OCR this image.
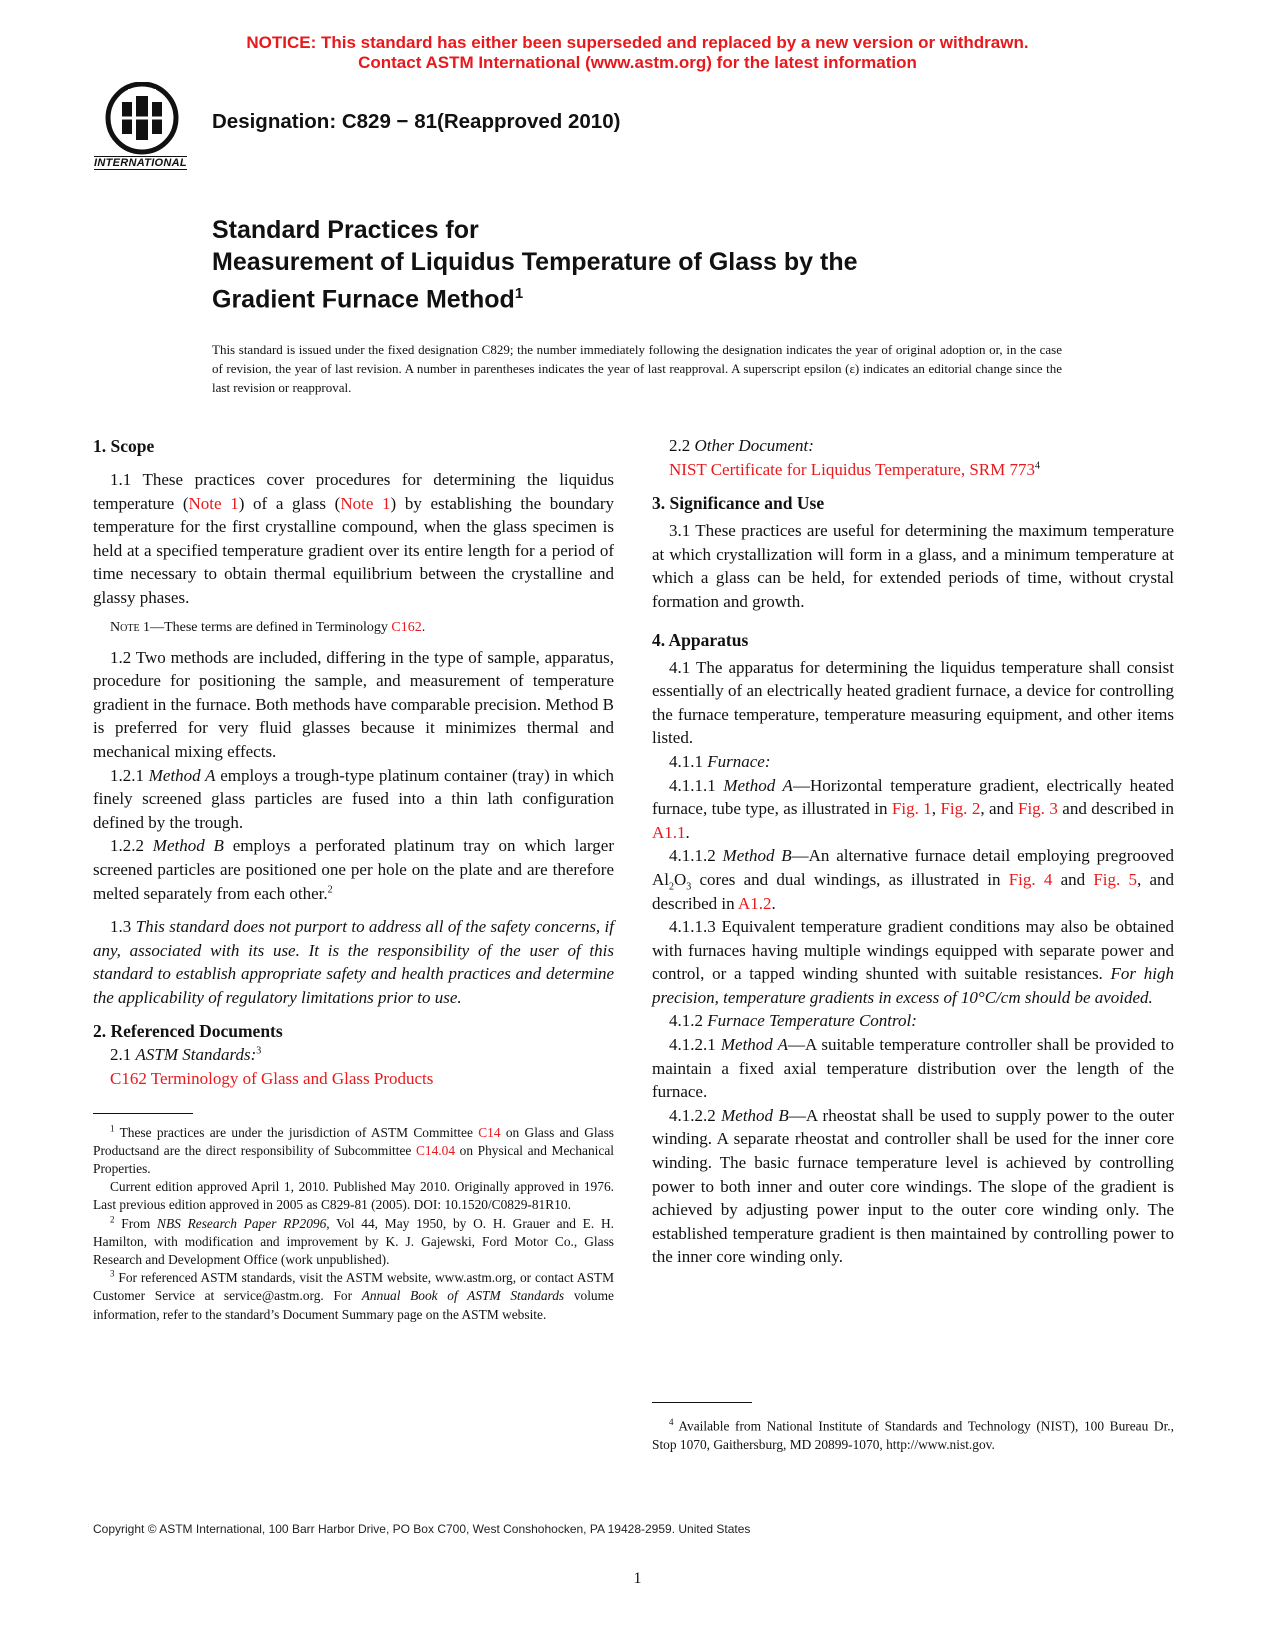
NOTICE: This standard has either been superseded and replaced by a new version or withdrawn.
Contact ASTM International (www.astm.org) for the latest information
INTERNATIONAL
Designation: C829 − 81(Reapproved 2010)
Standard Practices for
Measurement of Liquidus Temperature of Glass by the
Gradient Furnace Method$^1$
This standard is issued under the fixed designation C829; the number immediately following the designation indicates the year of original adoption or, in the case of revision, the year of last revision. A number in parentheses indicates the year of last reapproval. A superscript epsilon (ε) indicates an editorial change since the last revision or reapproval.
1. Scope

1.1 These practices cover procedures for determining the liquidus temperature (Note 1) of a glass (Note 1) by establishing the boundary temperature for the first crystalline compound, when the glass specimen is held at a specified temperature gradient over its entire length for a period of time necessary to obtain thermal equilibrium between the crystalline and glassy phases.

Note 1—These terms are defined in Terminology C162.

1.2 Two methods are included, differing in the type of sample, apparatus, procedure for positioning the sample, and measurement of temperature gradient in the furnace. Both methods have comparable precision. Method B is preferred for very fluid glasses because it minimizes thermal and mechanical mixing effects.

1.2.1 Method A employs a trough-type platinum container (tray) in which finely screened glass particles are fused into a thin lath configuration defined by the trough.

1.2.2 Method B employs a perforated platinum tray on which larger screened particles are positioned one per hole on the plate and are therefore melted separately from each other.$^2$

1.3 This standard does not purport to address all of the safety concerns, if any, associated with its use. It is the responsibility of the user of this standard to establish appropriate safety and health practices and determine the applicability of regulatory limitations prior to use.

2. Referenced Documents

2.1 ASTM Standards:$^3$

C162 Terminology of Glass and Glass Products

$^1$ These practices are under the jurisdiction of ASTM Committee C14 on Glass and Glass Productsand are the direct responsibility of Subcommittee C14.04 on Physical and Mechanical Properties.

Current edition approved April 1, 2010. Published May 2010. Originally approved in 1976. Last previous edition approved in 2005 as C829-81 (2005). DOI: 10.1520/C0829-81R10.

$^2$ From NBS Research Paper RP2096, Vol 44, May 1950, by O. H. Grauer and E. H. Hamilton, with modification and improvement by K. J. Gajewski, Ford Motor Co., Glass Research and Development Office (work unpublished).

$^3$ For referenced ASTM standards, visit the ASTM website, www.astm.org, or contact ASTM Customer Service at service@astm.org. For Annual Book of ASTM Standards volume information, refer to the standard’s Document Summary page on the ASTM website.

2.2 Other Document:

NIST Certificate for Liquidus Temperature, SRM $773^4$

3. Significance and Use

3.1 These practices are useful for determining the maximum temperature at which crystallization will form in a glass, and a minimum temperature at which a glass can be held, for extended periods of time, without crystal formation and growth.

4. Apparatus

4.1 The apparatus for determining the liquidus temperature shall consist essentially of an electrically heated gradient furnace, a device for controlling the furnace temperature, temperature measuring equipment, and other items listed.

4.1.1 Furnace:

4.1.1.1 Method A—Horizontal temperature gradient, electrically heated furnace, tube type, as illustrated in Fig. 1, Fig. 2, and Fig. 3 and described in A1.1.

4.1.1.2 Method B—An alternative furnace detail employing pregrooved $Al_2O_3$ cores and dual windings, as illustrated in Fig. 4 and Fig. 5, and described in A1.2.

4.1.1.3 Equivalent temperature gradient conditions may also be obtained with furnaces having multiple windings equipped with separate power and control, or a tapped winding shunted with suitable resistances. For high precision, temperature gradients in excess of 10°C/cm should be avoided.

4.1.2 Furnace Temperature Control:

4.1.2.1 Method A—A suitable temperature controller shall be provided to maintain a fixed axial temperature distribution over the length of the furnace.

4.1.2.2 Method B—A rheostat shall be used to supply power to the outer winding. A separate rheostat and controller shall be used for the inner core winding. The basic furnace temperature level is achieved by controlling power to both inner and outer core windings. The slope of the gradient is achieved by adjusting power input to the outer core winding only. The established temperature gradient is then maintained by controlling power to the inner core winding only.

$^4$ Available from National Institute of Standards and Technology (NIST), 100 Bureau Dr., Stop 1070, Gaithersburg, MD 20899-1070, http://www.nist.gov.

Copyright © ASTM International, 100 Barr Harbor Drive, PO Box C700, West Conshohocken, PA 19428-2959. United States
1
